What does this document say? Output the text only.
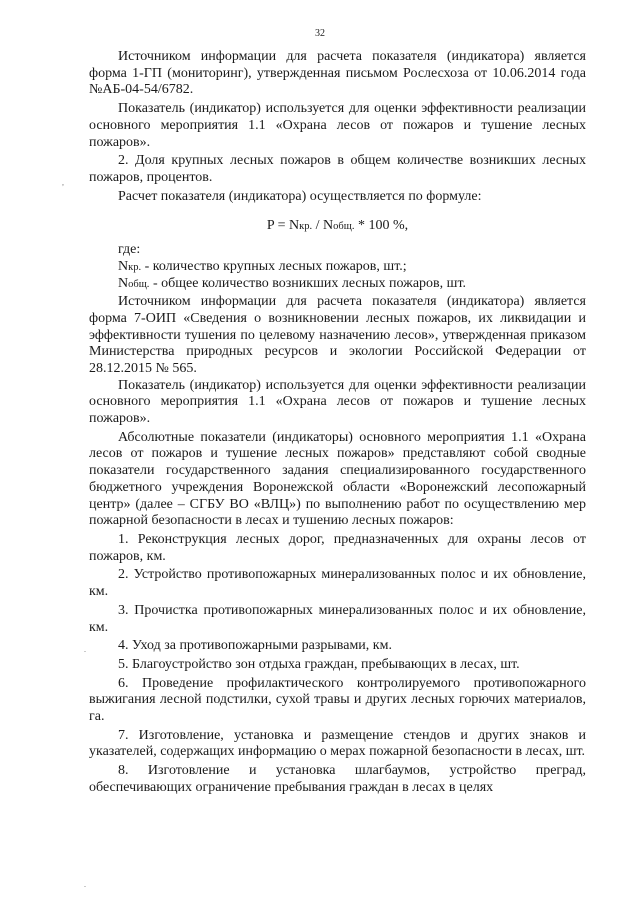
32
,
.
.

Источником информации для расчета показателя (индикатора) является форма 1-ГП (мониторинг), утвержденная письмом Рослесхоза от 10.06.2014 года №АБ-04-54/6782.

Показатель (индикатор) используется для оценки эффективности реализации основного мероприятия 1.1 «Охрана лесов от пожаров и тушение лесных пожаров».

2. Доля крупных лесных пожаров в общем количестве возникших лесных пожаров, процентов.

Расчет показателя (индикатора) осуществляется по формуле:

P = Nкр. / Nобщ. * 100 %,

где:

Nкр. - количество крупных лесных пожаров, шт.;

Nобщ. - общее количество возникших лесных пожаров, шт.

Источником информации для расчета показателя (индикатора) является форма 7-ОИП «Сведения о возникновении лесных пожаров, их ликвидации и эффективности тушения по целевому назначению лесов», утвержденная приказом Министерства природных ресурсов и экологии Российской Федерации от 28.12.2015 № 565.

Показатель (индикатор) используется для оценки эффективности реализации основного мероприятия 1.1 «Охрана лесов от пожаров и тушение лесных пожаров».

Абсолютные показатели (индикаторы) основного мероприятия 1.1 «Охрана лесов от пожаров и тушение лесных пожаров» представляют собой сводные показатели государственного задания специализированного государственного бюджетного учреждения Воронежской области «Воронежский лесопожарный центр» (далее – СГБУ ВО «ВЛЦ») по выполнению работ по осуществлению мер пожарной безопасности в лесах и тушению лесных пожаров:

1. Реконструкция лесных дорог, предназначенных для охраны лесов от пожаров, км.

2. Устройство противопожарных минерализованных полос и их обновление, км.

3. Прочистка противопожарных минерализованных полос и их обновление, км.

4. Уход за противопожарными разрывами, км.

5. Благоустройство зон отдыха граждан, пребывающих в лесах, шт.

6. Проведение профилактического контролируемого противопожарного выжигания лесной подстилки, сухой травы и других лесных горючих материалов, га.

7. Изготовление, установка и размещение стендов и других знаков и указателей, содержащих информацию о мерах пожарной безопасности в лесах, шт.

8. Изготовление и установка шлагбаумов, устройство преград, обеспечивающих ограничение пребывания граждан в лесах в целях
